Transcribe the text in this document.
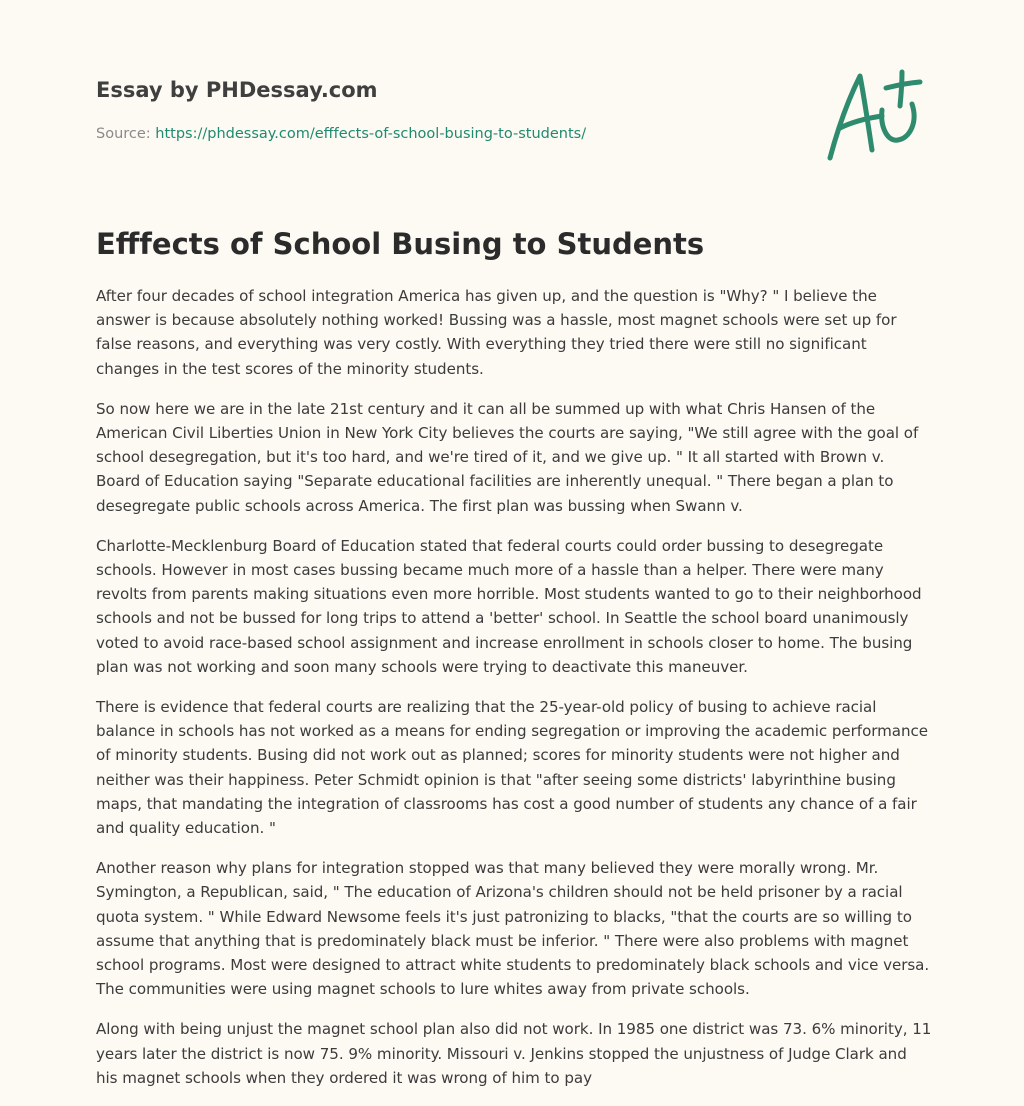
Essay by PHDessay.com
Source: https://phdessay.com/efffects-of-school-busing-to-students/
Efffects of School Busing to Students

After four decades of school integration America has given up, and the question is "Why? " I believe the answer is because absolutely nothing worked! Bussing was a hassle, most magnet schools were set up for false reasons, and everything was very costly. With everything they tried there were still no significant changes in the test scores of the minority students.

So now here we are in the late 21st century and it can all be summed up with what Chris Hansen of the American Civil Liberties Union in New York City believes the courts are saying, "We still agree with the goal of school desegregation, but it's too hard, and we're tired of it, and we give up. " It all started with Brown v. Board of Education saying "Separate educational facilities are inherently unequal. " There began a plan to desegregate public schools across America. The first plan was bussing when Swann v.

Charlotte-Mecklenburg Board of Education stated that federal courts could order bussing to desegregate schools. However in most cases bussing became much more of a hassle than a helper. There were many revolts from parents making situations even more horrible. Most students wanted to go to their neighborhood schools and not be bussed for long trips to attend a 'better' school. In Seattle the school board unanimously voted to avoid race-based school assignment and increase enrollment in schools closer to home. The busing plan was not working and soon many schools were trying to deactivate this maneuver.

There is evidence that federal courts are realizing that the 25-year-old policy of busing to achieve racial balance in schools has not worked as a means for ending segregation or improving the academic performance of minority students. Busing did not work out as planned; scores for minority students were not higher and neither was their happiness. Peter Schmidt opinion is that "after seeing some districts' labyrinthine busing maps, that mandating the integration of classrooms has cost a good number of students any chance of a fair and quality education. "

Another reason why plans for integration stopped was that many believed they were morally wrong. Mr. Symington, a Republican, said, " The education of Arizona's children should not be held prisoner by a racial quota system. " While Edward Newsome feels it's just patronizing to blacks, "that the courts are so willing to assume that anything that is predominately black must be inferior. " There were also problems with magnet school programs. Most were designed to attract white students to predominately black schools and vice versa. The communities were using magnet schools to lure whites away from private schools.

Along with being unjust the magnet school plan also did not work. In 1985 one district was 73. 6% minority, 11 years later the district is now 75. 9% minority. Missouri v. Jenkins stopped the unjustness of Judge Clark and his magnet schools when they ordered it was wrong of him to pay
